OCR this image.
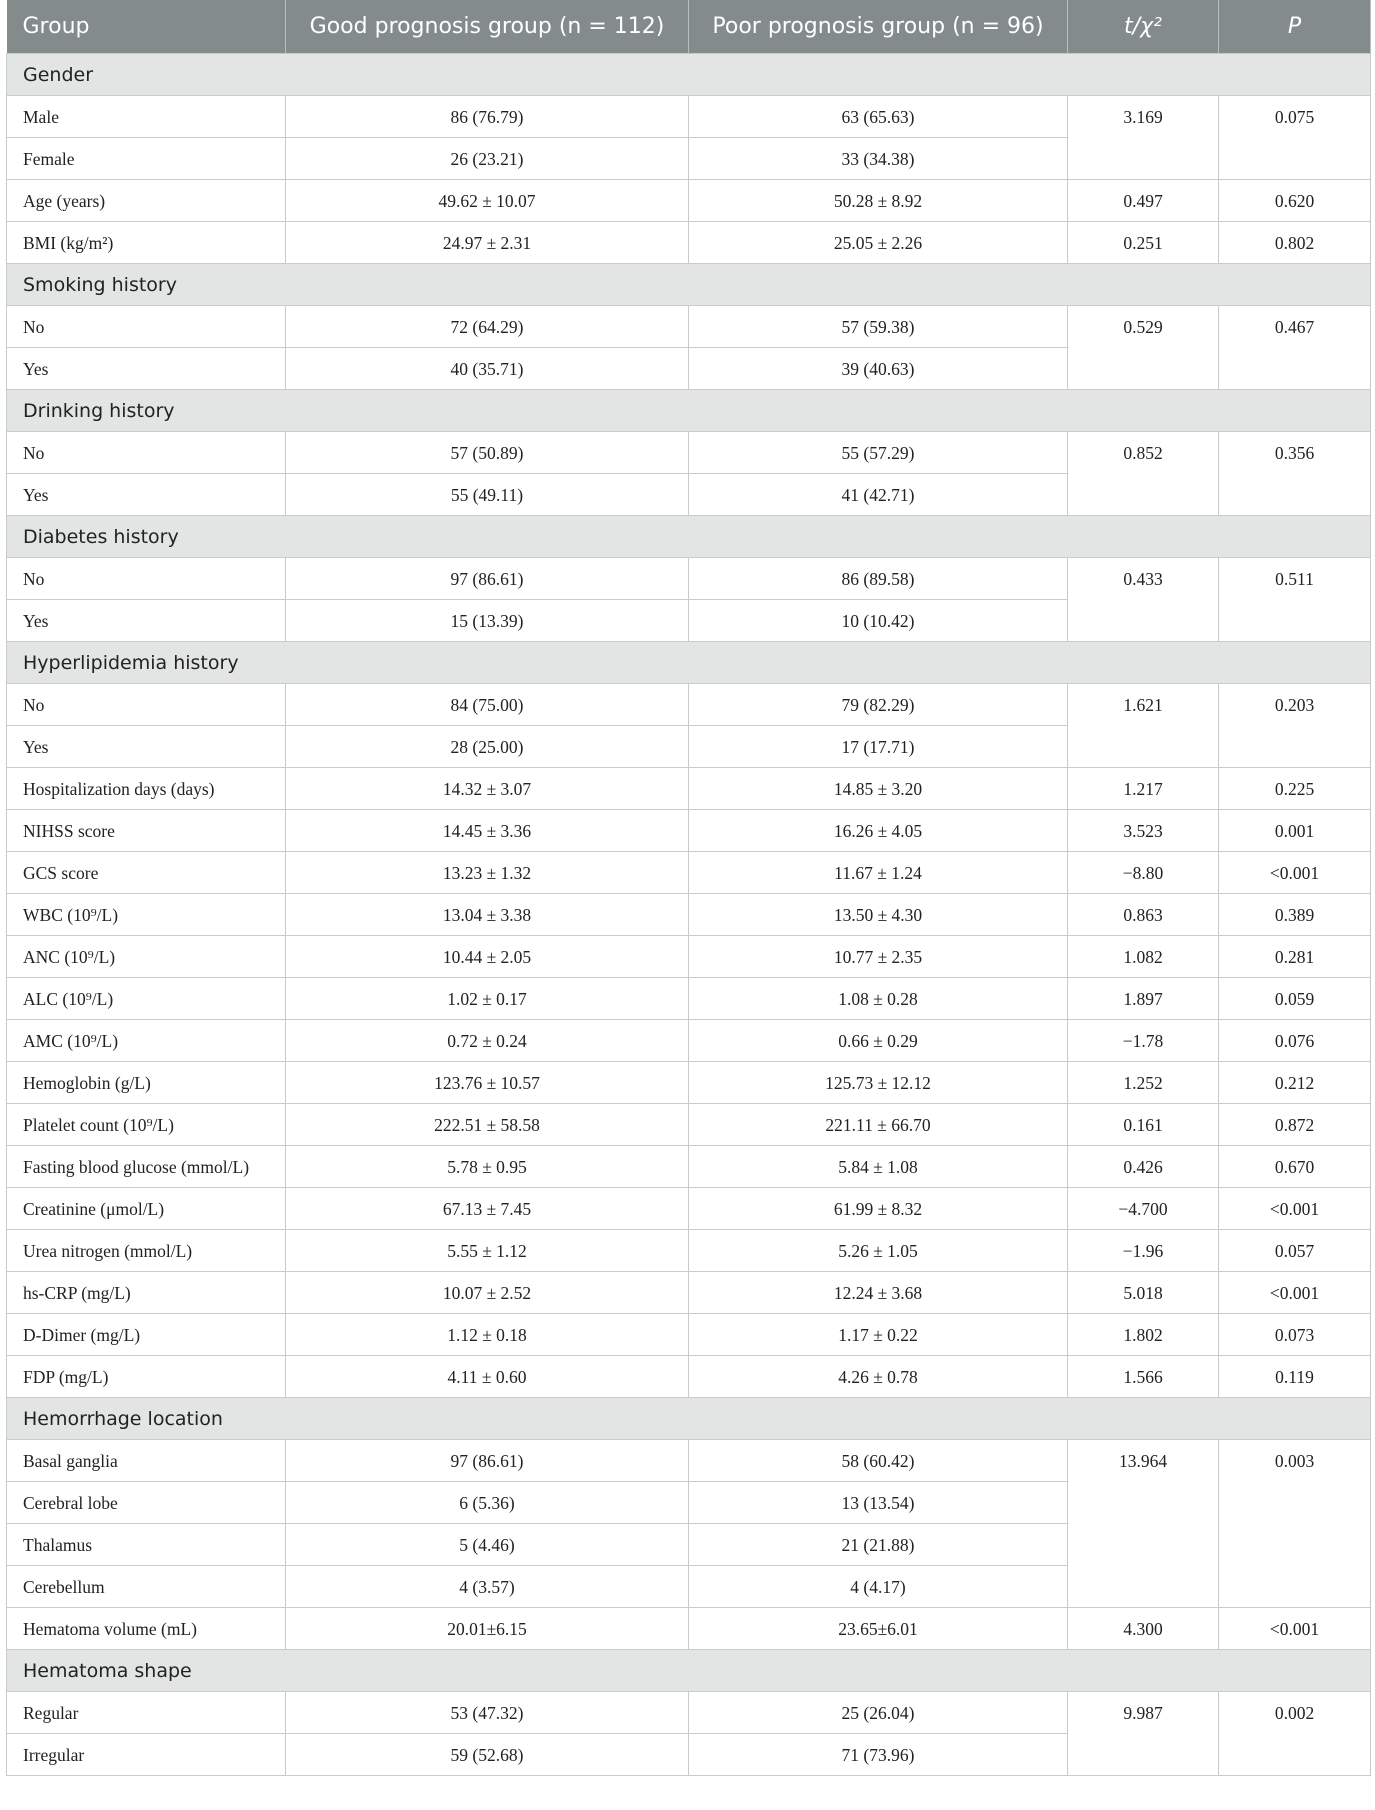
Group	Good prognosis group (n = 112)	Poor prognosis group (n = 96)	t/χ²	P
Gender				
Male	86 (76.79)	63 (65.63)	3.169	0.075
Female	26 (23.21)	33 (34.38)		
Age (years)	49.62 ± 10.07	50.28 ± 8.92	0.497	0.620
BMI (kg/m²)	24.97 ± 2.31	25.05 ± 2.26	0.251	0.802
Smoking history				
No	72 (64.29)	57 (59.38)	0.529	0.467
Yes	40 (35.71)	39 (40.63)		
Drinking history				
No	57 (50.89)	55 (57.29)	0.852	0.356
Yes	55 (49.11)	41 (42.71)		
Diabetes history				
No	97 (86.61)	86 (89.58)	0.433	0.511
Yes	15 (13.39)	10 (10.42)		
Hyperlipidemia history				
No	84 (75.00)	79 (82.29)	1.621	0.203
Yes	28 (25.00)	17 (17.71)		
Hospitalization days (days)	14.32 ± 3.07	14.85 ± 3.20	1.217	0.225
NIHSS score	14.45 ± 3.36	16.26 ± 4.05	3.523	0.001
GCS score	13.23 ± 1.32	11.67 ± 1.24	−8.80	<0.001
WBC (10⁹/L)	13.04 ± 3.38	13.50 ± 4.30	0.863	0.389
ANC (10⁹/L)	10.44 ± 2.05	10.77 ± 2.35	1.082	0.281
ALC (10⁹/L)	1.02 ± 0.17	1.08 ± 0.28	1.897	0.059
AMC (10⁹/L)	0.72 ± 0.24	0.66 ± 0.29	−1.78	0.076
Hemoglobin (g/L)	123.76 ± 10.57	125.73 ± 12.12	1.252	0.212
Platelet count (10⁹/L)	222.51 ± 58.58	221.11 ± 66.70	0.161	0.872
Fasting blood glucose (mmol/L)	5.78 ± 0.95	5.84 ± 1.08	0.426	0.670
Creatinine (μmol/L)	67.13 ± 7.45	61.99 ± 8.32	−4.700	<0.001
Urea nitrogen (mmol/L)	5.55 ± 1.12	5.26 ± 1.05	−1.96	0.057
hs-CRP (mg/L)	10.07 ± 2.52	12.24 ± 3.68	5.018	<0.001
D-Dimer (mg/L)	1.12 ± 0.18	1.17 ± 0.22	1.802	0.073
FDP (mg/L)	4.11 ± 0.60	4.26 ± 0.78	1.566	0.119
Hemorrhage location				
Basal ganglia	97 (86.61)	58 (60.42)	13.964	0.003
Cerebral lobe	6 (5.36)	13 (13.54)		
Thalamus	5 (4.46)	21 (21.88)		
Cerebellum	4 (3.57)	4 (4.17)		
Hematoma volume (mL)	20.01±6.15	23.65±6.01	4.300	<0.001
Hematoma shape				
Regular	53 (47.32)	25 (26.04)	9.987	0.002
Irregular	59 (52.68)	71 (73.96)		
